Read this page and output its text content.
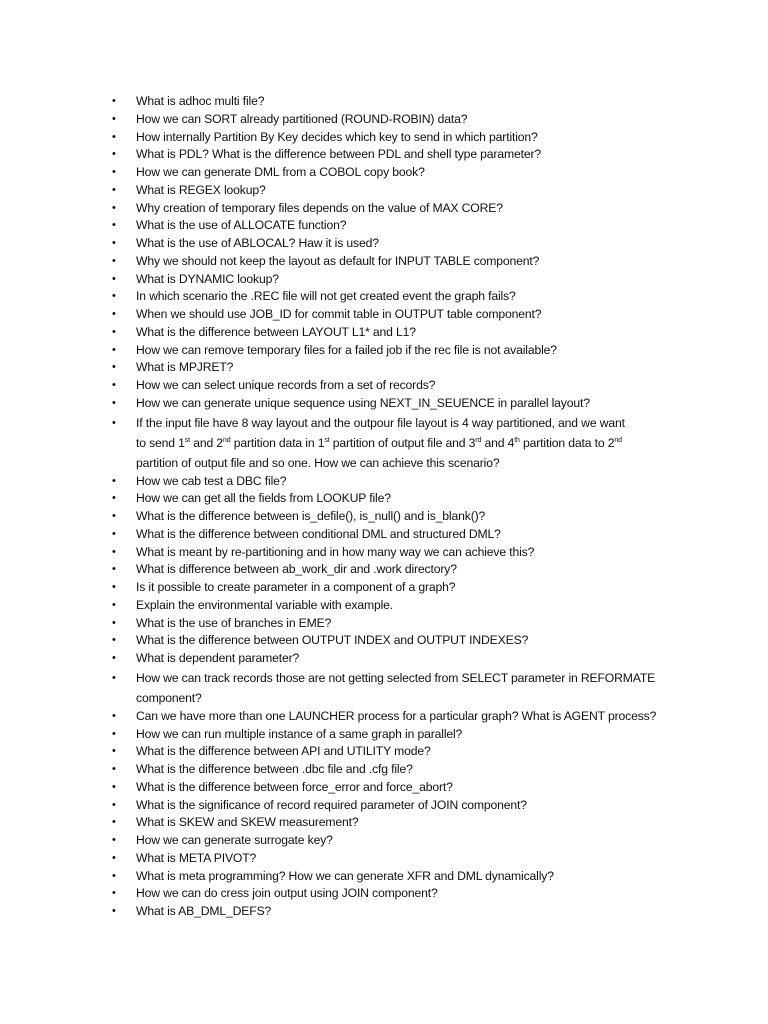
•	What is adhoc multi file?
•	How we can SORT already partitioned (ROUND-ROBIN) data?
•	How internally Partition By Key decides which key to send in which partition?
•	What is PDL? What is the difference between PDL and shell type parameter?
•	How we can generate DML from a COBOL copy book?
•	What is REGEX lookup?
•	Why creation of temporary files depends on the value of MAX CORE?
•	What is the use of ALLOCATE function?
•	What is the use of ABLOCAL? Haw it is used?
•	Why we should not keep the layout as default for INPUT TABLE component?
•	What is DYNAMIC lookup?
•	In which scenario the .REC file will not get created event the graph fails?
•	When we should use JOB_ID for commit table in OUTPUT table component?
•	What is the difference between LAYOUT L1* and L1?
•	How we can remove temporary files for a failed job if the rec file is not available?
•	What is MPJRET?
•	How we can select unique records from a set of records?
•	How we can generate unique sequence using NEXT_IN_SEUENCE in parallel layout?
•	If the input file have 8 way layout and the outpour file layout is 4 way partitioned, and we want
to send 1st and 2nd partition data in 1st partition of output file and 3rd and 4th partition data to 2nd
partition of output file and so one. How we can achieve this scenario?
•	How we cab test a DBC file?
•	How we can get all the fields from LOOKUP file?
•	What is the difference between is_defile(), is_null() and is_blank()?
•	What is the difference between conditional DML and structured DML?
•	What is meant by re-partitioning and in how many way we can achieve this?
•	What is difference between ab_work_dir and .work directory?
•	Is it possible to create parameter in a component of a graph?
•	Explain the environmental variable with example.
•	What is the use of branches in EME?
•	What is the difference between OUTPUT INDEX and OUTPUT INDEXES?
•	What is dependent parameter?
•	How we can track records those are not getting selected from SELECT parameter in REFORMATE
component?
•	Can we have more than one LAUNCHER process for a particular graph? What is AGENT process?
•	How we can run multiple instance of a same graph in parallel?
•	What is the difference between API and UTILITY mode?
•	What is the difference between .dbc file and .cfg file?
•	What is the difference between force_error and force_abort?
•	What is the significance of record required parameter of JOIN component?
•	What is SKEW and SKEW measurement?
•	How we can generate surrogate key?
•	What is META PIVOT?
•	What is meta programming? How we can generate XFR and DML dynamically?
•	How we can do cress join output using JOIN component?
•	What is AB_DML_DEFS?
